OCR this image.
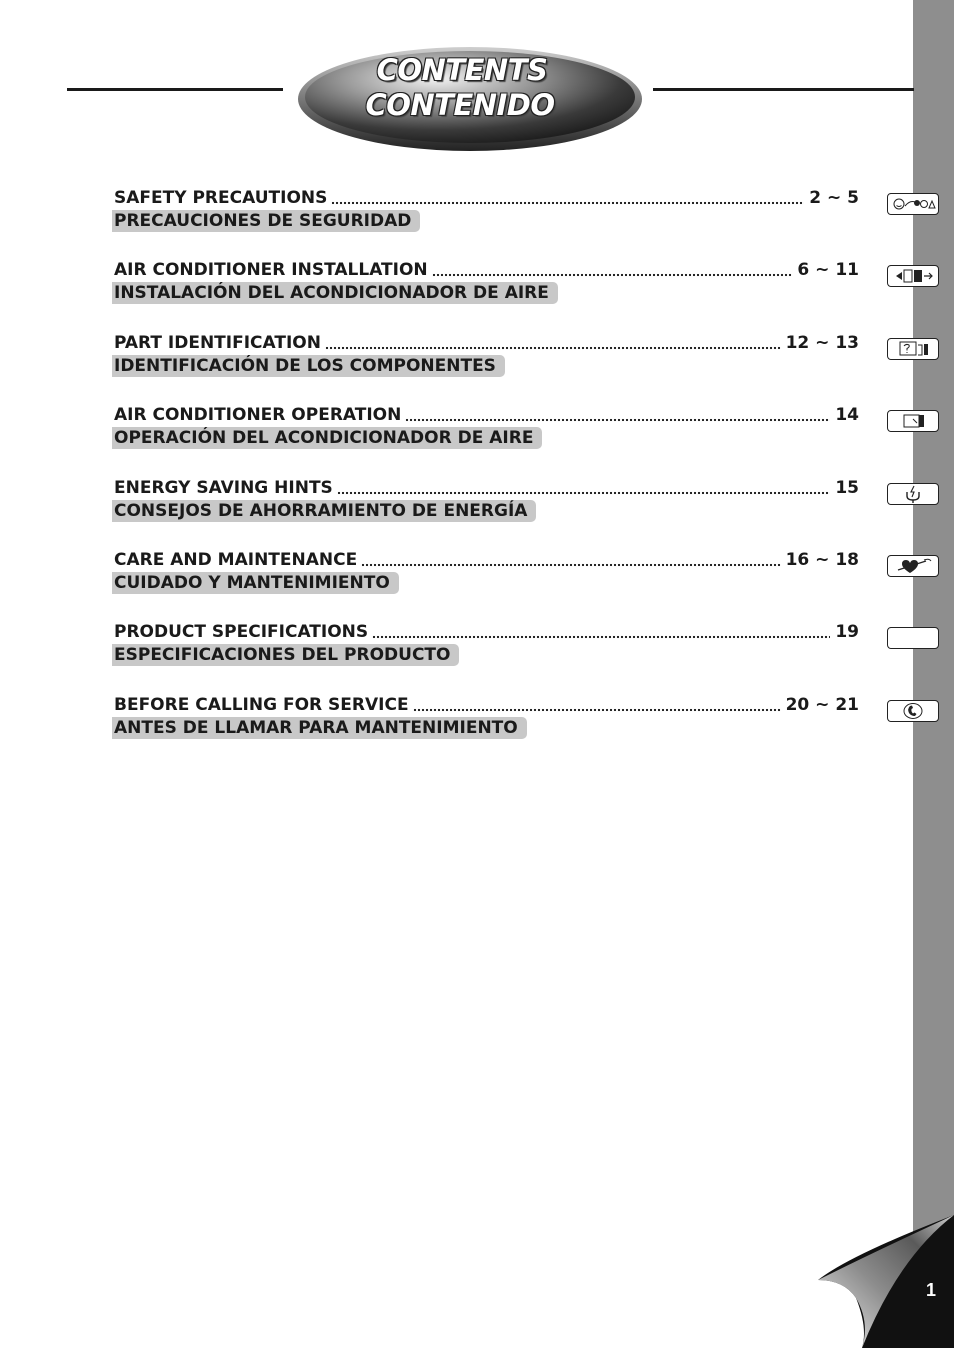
CONTENTS
CONTENIDO
SAFETY PRECAUTIONS	2 ~ 5
PRECAUCIONES DE SEGURIDAD
AIR CONDITIONER INSTALLATION	6 ~ 11
INSTALACIÓN DEL ACONDICIONADOR DE AIRE
PART IDENTIFICATION	12 ~ 13
IDENTIFICACIÓN DE LOS COMPONENTES
AIR CONDITIONER OPERATION	14
OPERACIÓN DEL ACONDICIONADOR DE AIRE
ENERGY SAVING HINTS	15
CONSEJOS DE AHORRAMIENTO DE ENERGÍA
CARE AND MAINTENANCE	16 ~ 18
CUIDADO Y MANTENIMIENTO
PRODUCT SPECIFICATIONS	19
ESPECIFICACIONES DEL PRODUCTO
BEFORE CALLING FOR SERVICE	20 ~ 21
ANTES DE LLAMAR PARA MANTENIMIENTO
1
